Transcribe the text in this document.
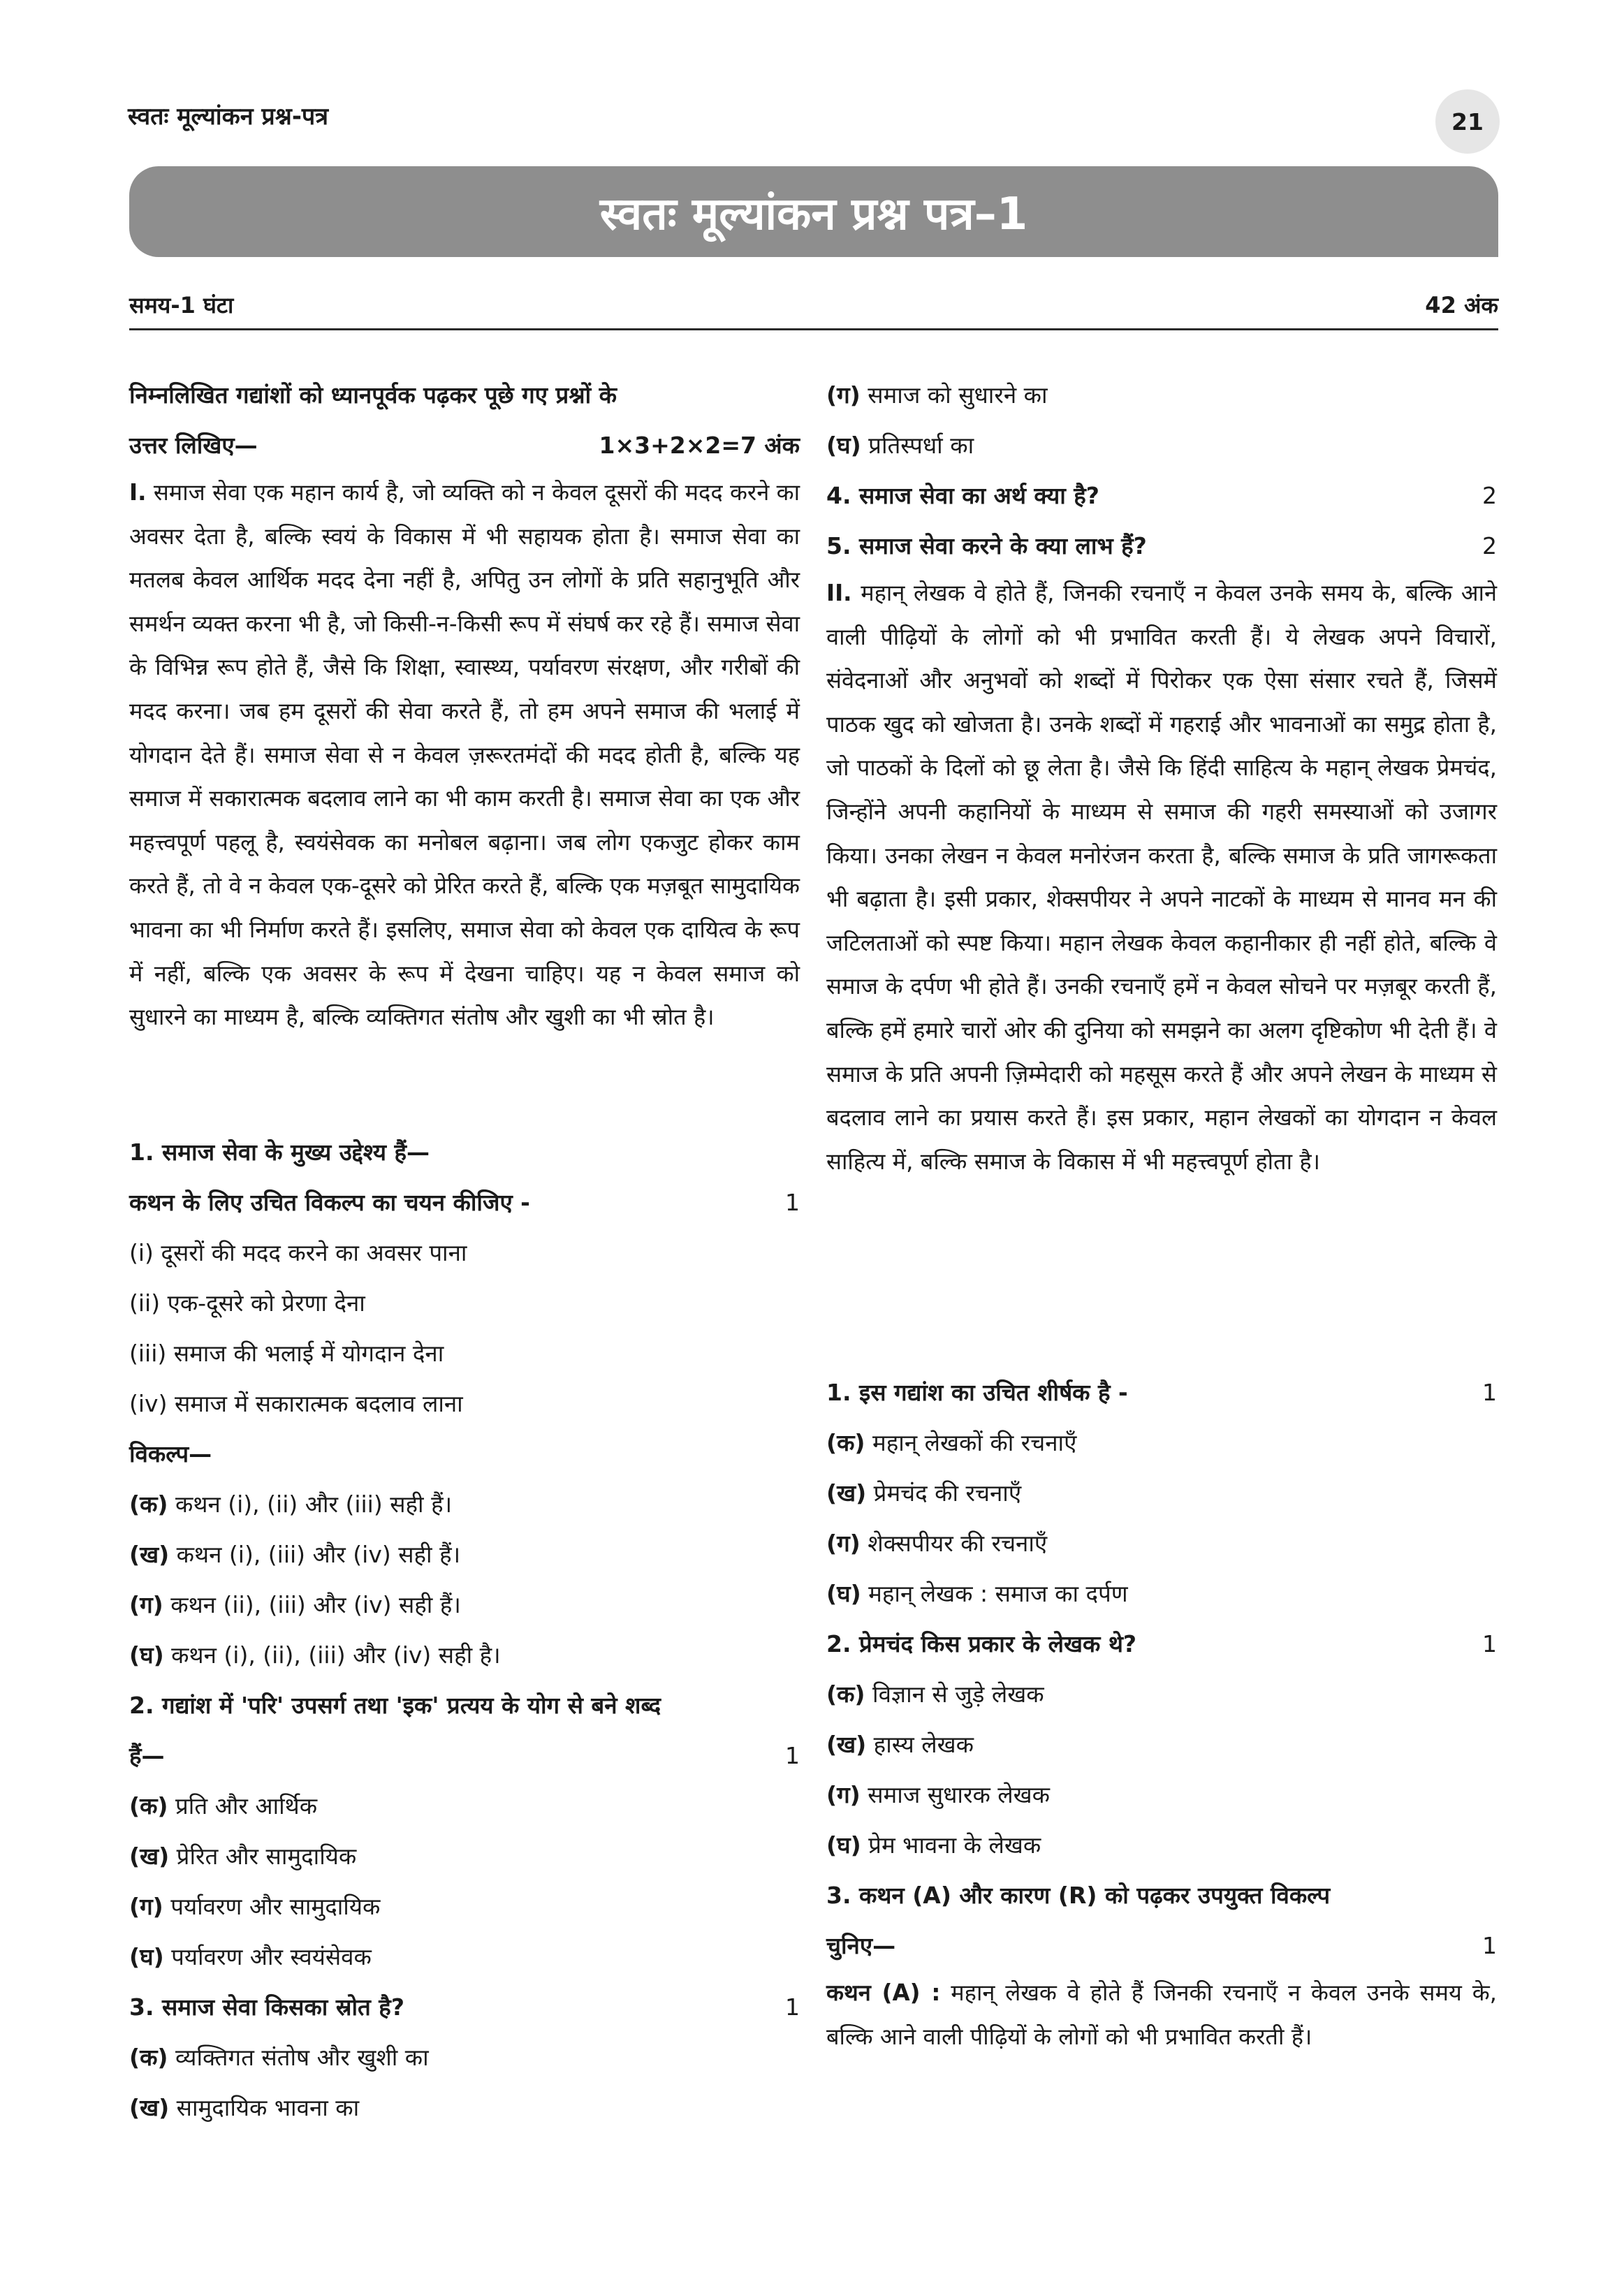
स्वतः मूल्यांकन प्रश्न-पत्र	21
स्वतः मूल्यांकन प्रश्न पत्र–1
समय-1 घंटा	42 अंक
निम्नलिखित गद्यांशों को ध्यानपूर्वक पढ़कर पूछे गए प्रश्नों के
उत्तर लिखिए—	1×3+2×2=7 अंक

I. समाज सेवा एक महान कार्य है, जो व्यक्ति को न केवल दूसरों की मदद करने का अवसर देता है, बल्कि स्वयं के विकास में भी सहायक होता है। समाज सेवा का मतलब केवल आर्थिक मदद देना नहीं है, अपितु उन लोगों के प्रति सहानुभूति और समर्थन व्यक्त करना भी है, जो किसी-न-किसी रूप में संघर्ष कर रहे हैं। समाज सेवा के विभिन्न रूप होते हैं, जैसे कि शिक्षा, स्वास्थ्य, पर्यावरण संरक्षण, और गरीबों की मदद करना। जब हम दूसरों की सेवा करते हैं, तो हम अपने समाज की भलाई में योगदान देते हैं। समाज सेवा से न केवल ज़रूरतमंदों की मदद होती है, बल्कि यह समाज में सकारात्मक बदलाव लाने का भी काम करती है। समाज सेवा का एक और महत्त्वपूर्ण पहलू है, स्वयंसेवक का मनोबल बढ़ाना। जब लोग एकजुट होकर काम करते हैं, तो वे न केवल एक-दूसरे को प्रेरित करते हैं, बल्कि एक मज़बूत सामुदायिक भावना का भी निर्माण करते हैं। इसलिए, समाज सेवा को केवल एक दायित्व के रूप में नहीं, बल्कि एक अवसर के रूप में देखना चाहिए। यह न केवल समाज को सुधारने का माध्यम है, बल्कि व्यक्तिगत संतोष और खुशी का भी स्रोत है।

1. समाज सेवा के मुख्य उद्देश्य हैं—
कथन के लिए उचित विकल्प का चयन कीजिए -	1
(i) दूसरों की मदद करने का अवसर पाना
(ii) एक-दूसरे को प्रेरणा देना
(iii) समाज की भलाई में योगदान देना
(iv) समाज में सकारात्मक बदलाव लाना
विकल्प—
(क) कथन (i), (ii) और (iii) सही हैं।
(ख) कथन (i), (iii) और (iv) सही हैं।
(ग) कथन (ii), (iii) और (iv) सही हैं।
(घ) कथन (i), (ii), (iii) और (iv) सही है।
2. गद्यांश में 'परि' उपसर्ग तथा 'इक' प्रत्यय के योग से बने शब्द
हैं—	1
(क) प्रति और आर्थिक
(ख) प्रेरित और सामुदायिक
(ग) पर्यावरण और सामुदायिक
(घ) पर्यावरण और स्वयंसेवक
3. समाज सेवा किसका स्रोत है?	1
(क) व्यक्तिगत संतोष और खुशी का
(ख) सामुदायिक भावना का
(ग) समाज को सुधारने का
(घ) प्रतिस्पर्धा का
4. समाज सेवा का अर्थ क्या है?	2
5. समाज सेवा करने के क्या लाभ हैं?	2

II. महान् लेखक वे होते हैं, जिनकी रचनाएँ न केवल उनके समय के, बल्कि आने वाली पीढ़ियों के लोगों को भी प्रभावित करती हैं। ये लेखक अपने विचारों, संवेदनाओं और अनुभवों को शब्दों में पिरोकर एक ऐसा संसार रचते हैं, जिसमें पाठक खुद को खोजता है। उनके शब्दों में गहराई और भावनाओं का समुद्र होता है, जो पाठकों के दिलों को छू लेता है। जैसे कि हिंदी साहित्य के महान् लेखक प्रेमचंद, जिन्होंने अपनी कहानियों के माध्यम से समाज की गहरी समस्याओं को उजागर किया। उनका लेखन न केवल मनोरंजन करता है, बल्कि समाज के प्रति जागरूकता भी बढ़ाता है। इसी प्रकार, शेक्सपीयर ने अपने नाटकों के माध्यम से मानव मन की जटिलताओं को स्पष्ट किया। महान लेखक केवल कहानीकार ही नहीं होते, बल्कि वे समाज के दर्पण भी होते हैं। उनकी रचनाएँ हमें न केवल सोचने पर मज़बूर करती हैं, बल्कि हमें हमारे चारों ओर की दुनिया को समझने का अलग दृष्टिकोण भी देती हैं। वे समाज के प्रति अपनी ज़िम्मेदारी को महसूस करते हैं और अपने लेखन के माध्यम से बदलाव लाने का प्रयास करते हैं। इस प्रकार, महान लेखकों का योगदान न केवल साहित्य में, बल्कि समाज के विकास में भी महत्त्वपूर्ण होता है।

1. इस गद्यांश का उचित शीर्षक है -	1
(क) महान् लेखकों की रचनाएँ
(ख) प्रेमचंद की रचनाएँ
(ग) शेक्सपीयर की रचनाएँ
(घ) महान् लेखक : समाज का दर्पण
2. प्रेमचंद किस प्रकार के लेखक थे?	1
(क) विज्ञान से जुड़े लेखक
(ख) हास्य लेखक
(ग) समाज सुधारक लेखक
(घ) प्रेम भावना के लेखक
3. कथन (A) और कारण (R) को पढ़कर उपयुक्त विकल्प
चुनिए—	1

कथन (A) : महान् लेखक वे होते हैं जिनकी रचनाएँ न केवल उनके समय के, बल्कि आने वाली पीढ़ियों के लोगों को भी प्रभावित करती हैं।
